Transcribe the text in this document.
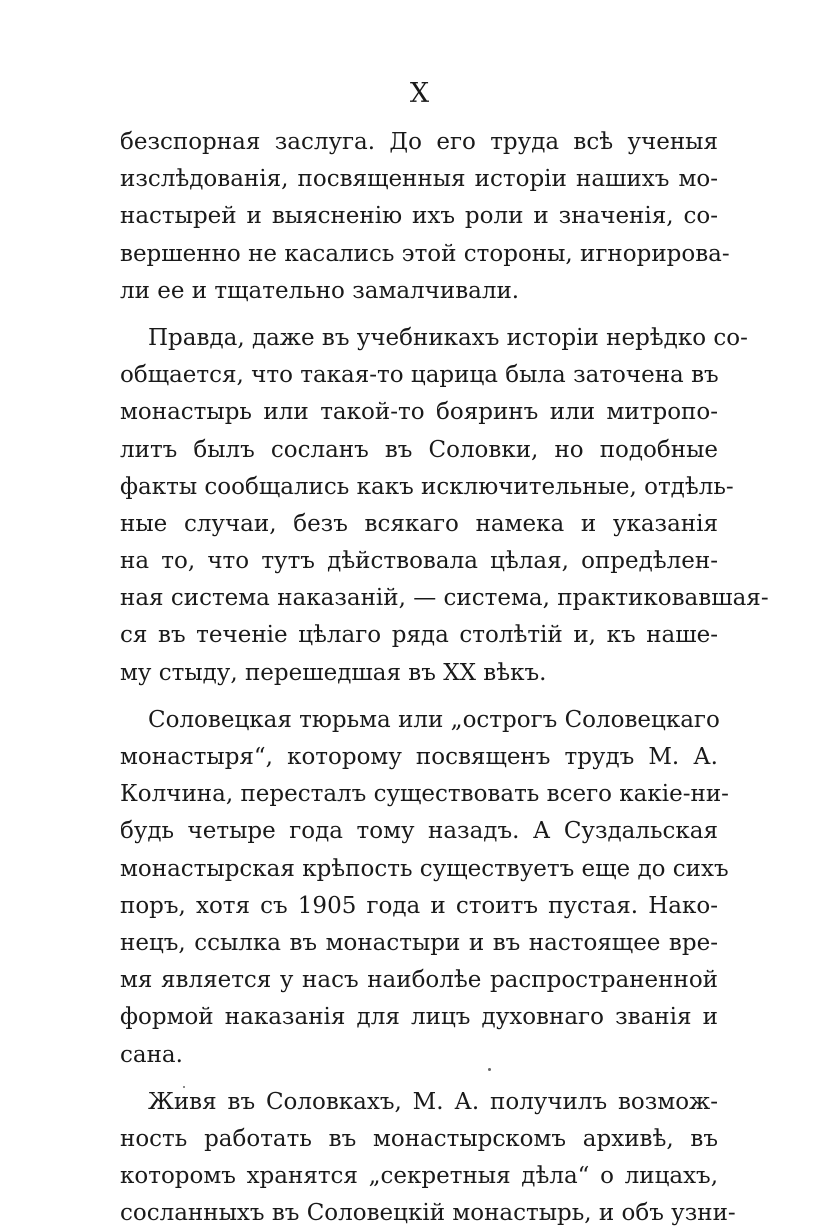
X

безспорная заслуга. До его труда всѣ ученыя
изслѣдованія, посвященныя исторіи нашихъ мо-
настырей и выясненію ихъ роли и значенія, со-
вершенно не касались этой стороны, игнорирова-
ли ее и тщательно замалчивали.

Правда, даже въ учебникахъ исторіи нерѣдко со-
общается, что такая-то царица была заточена въ
монастырь или такой-то бояринъ или митропо-
литъ былъ сосланъ въ Соловки, но подобные
факты сообщались какъ исключительные, отдѣль-
ные случаи, безъ всякаго намека и указанія
на то, что тутъ дѣйствовала цѣлая, опредѣлен-
ная система наказаній, — система, практиковавшая-
ся въ теченіе цѣлаго ряда столѣтій и, къ наше-
му стыду, перешедшая въ XX вѣкъ.

Соловецкая тюрьма или „острогъ Соловецкаго
монастыря“, которому посвященъ трудъ М. А.
Колчина, пересталъ существовать всего какіе-ни-
будь четыре года тому назадъ. А Суздальская
монастырская крѣпость существуетъ еще до сихъ
поръ, хотя съ 1905 года и стоитъ пустая. Нако-
нецъ, ссылка въ монастыри и въ настоящее вре-
мя является у насъ наиболѣе распространенной
формой наказанія для лицъ духовнаго званія и
сана.

Живя въ Соловкахъ, М. А. получилъ возмож-
ность работать въ монастырскомъ архивѣ, въ
которомъ хранятся „секретныя дѣла“ о лицахъ,
сосланныхъ въ Соловецкій монастырь, и объ узни-
